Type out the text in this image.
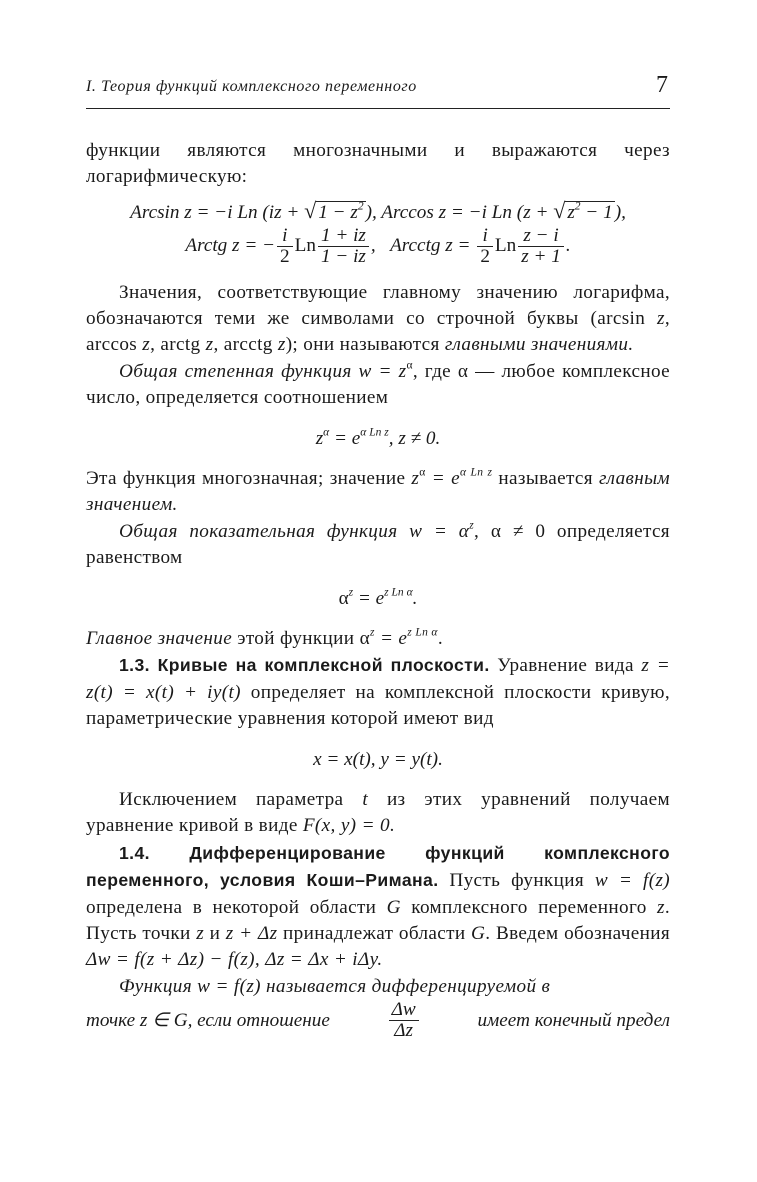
I. Теория функций комплексного переменного	7

функции являются многозначными и выражаются через логарифмическую:

Arcsin z = −i Ln (iz + √ $1 - z^2$ ), Arccos z = −i Ln (z + √ $z^2 - 1$ ),

Arctg z = − $\frac{i}{2}$ Ln $\frac{1 + iz}{1 - iz}$ , Arcctg $z = \frac{i}{2}$ Ln $\frac{z - i}{z + 1}$ .

Значения, соответствующие главному значению логарифма, обозначаются теми же символами со строчной буквы (arcsin z, arccos z, arctg z, arcctg z); они называются главными значениями.

Общая степенная функция $w = z^\alpha$, где α — любое комплексное число, определяется соотношением

$z^\alpha = e^{\alpha Ln z}$, z ≠ 0.

Эта функция многозначная; значение $z^\alpha = e^{\alpha Ln z}$ называется главным значением.

Общая показательная функция $w = \alpha^z$, α ≠ 0 определяется равенством

$\alpha^z = e^{z Ln \alpha}$.

Главное значение этой функции $\alpha^z = e^{z Ln \alpha}$.

1.3. Кривые на комплексной плоскости. Уравнение вида z = z(t) = x(t) + iy(t) определяет на комплексной плоскости кривую, параметрические уравнения которой имеют вид

x = x(t), y = y(t).

Исключением параметра t из этих уравнений получаем уравнение кривой в виде F(x, y) = 0.

1.4. Дифференцирование функций комплексного переменного, условия Коши–Римана. Пусть функция w = f(z) определена в некоторой области G комплексного переменного z. Пусть точки z и z + Δz принадлежат области G. Введем обозначения Δw = f(z + Δz) − f(z), Δz = Δx + iΔy.

Функция w = f(z) называется дифференцируемой в

точке z ∈ G, если отношение	$\frac{\Delta w}{\Delta z}$	имеет конечный предел
